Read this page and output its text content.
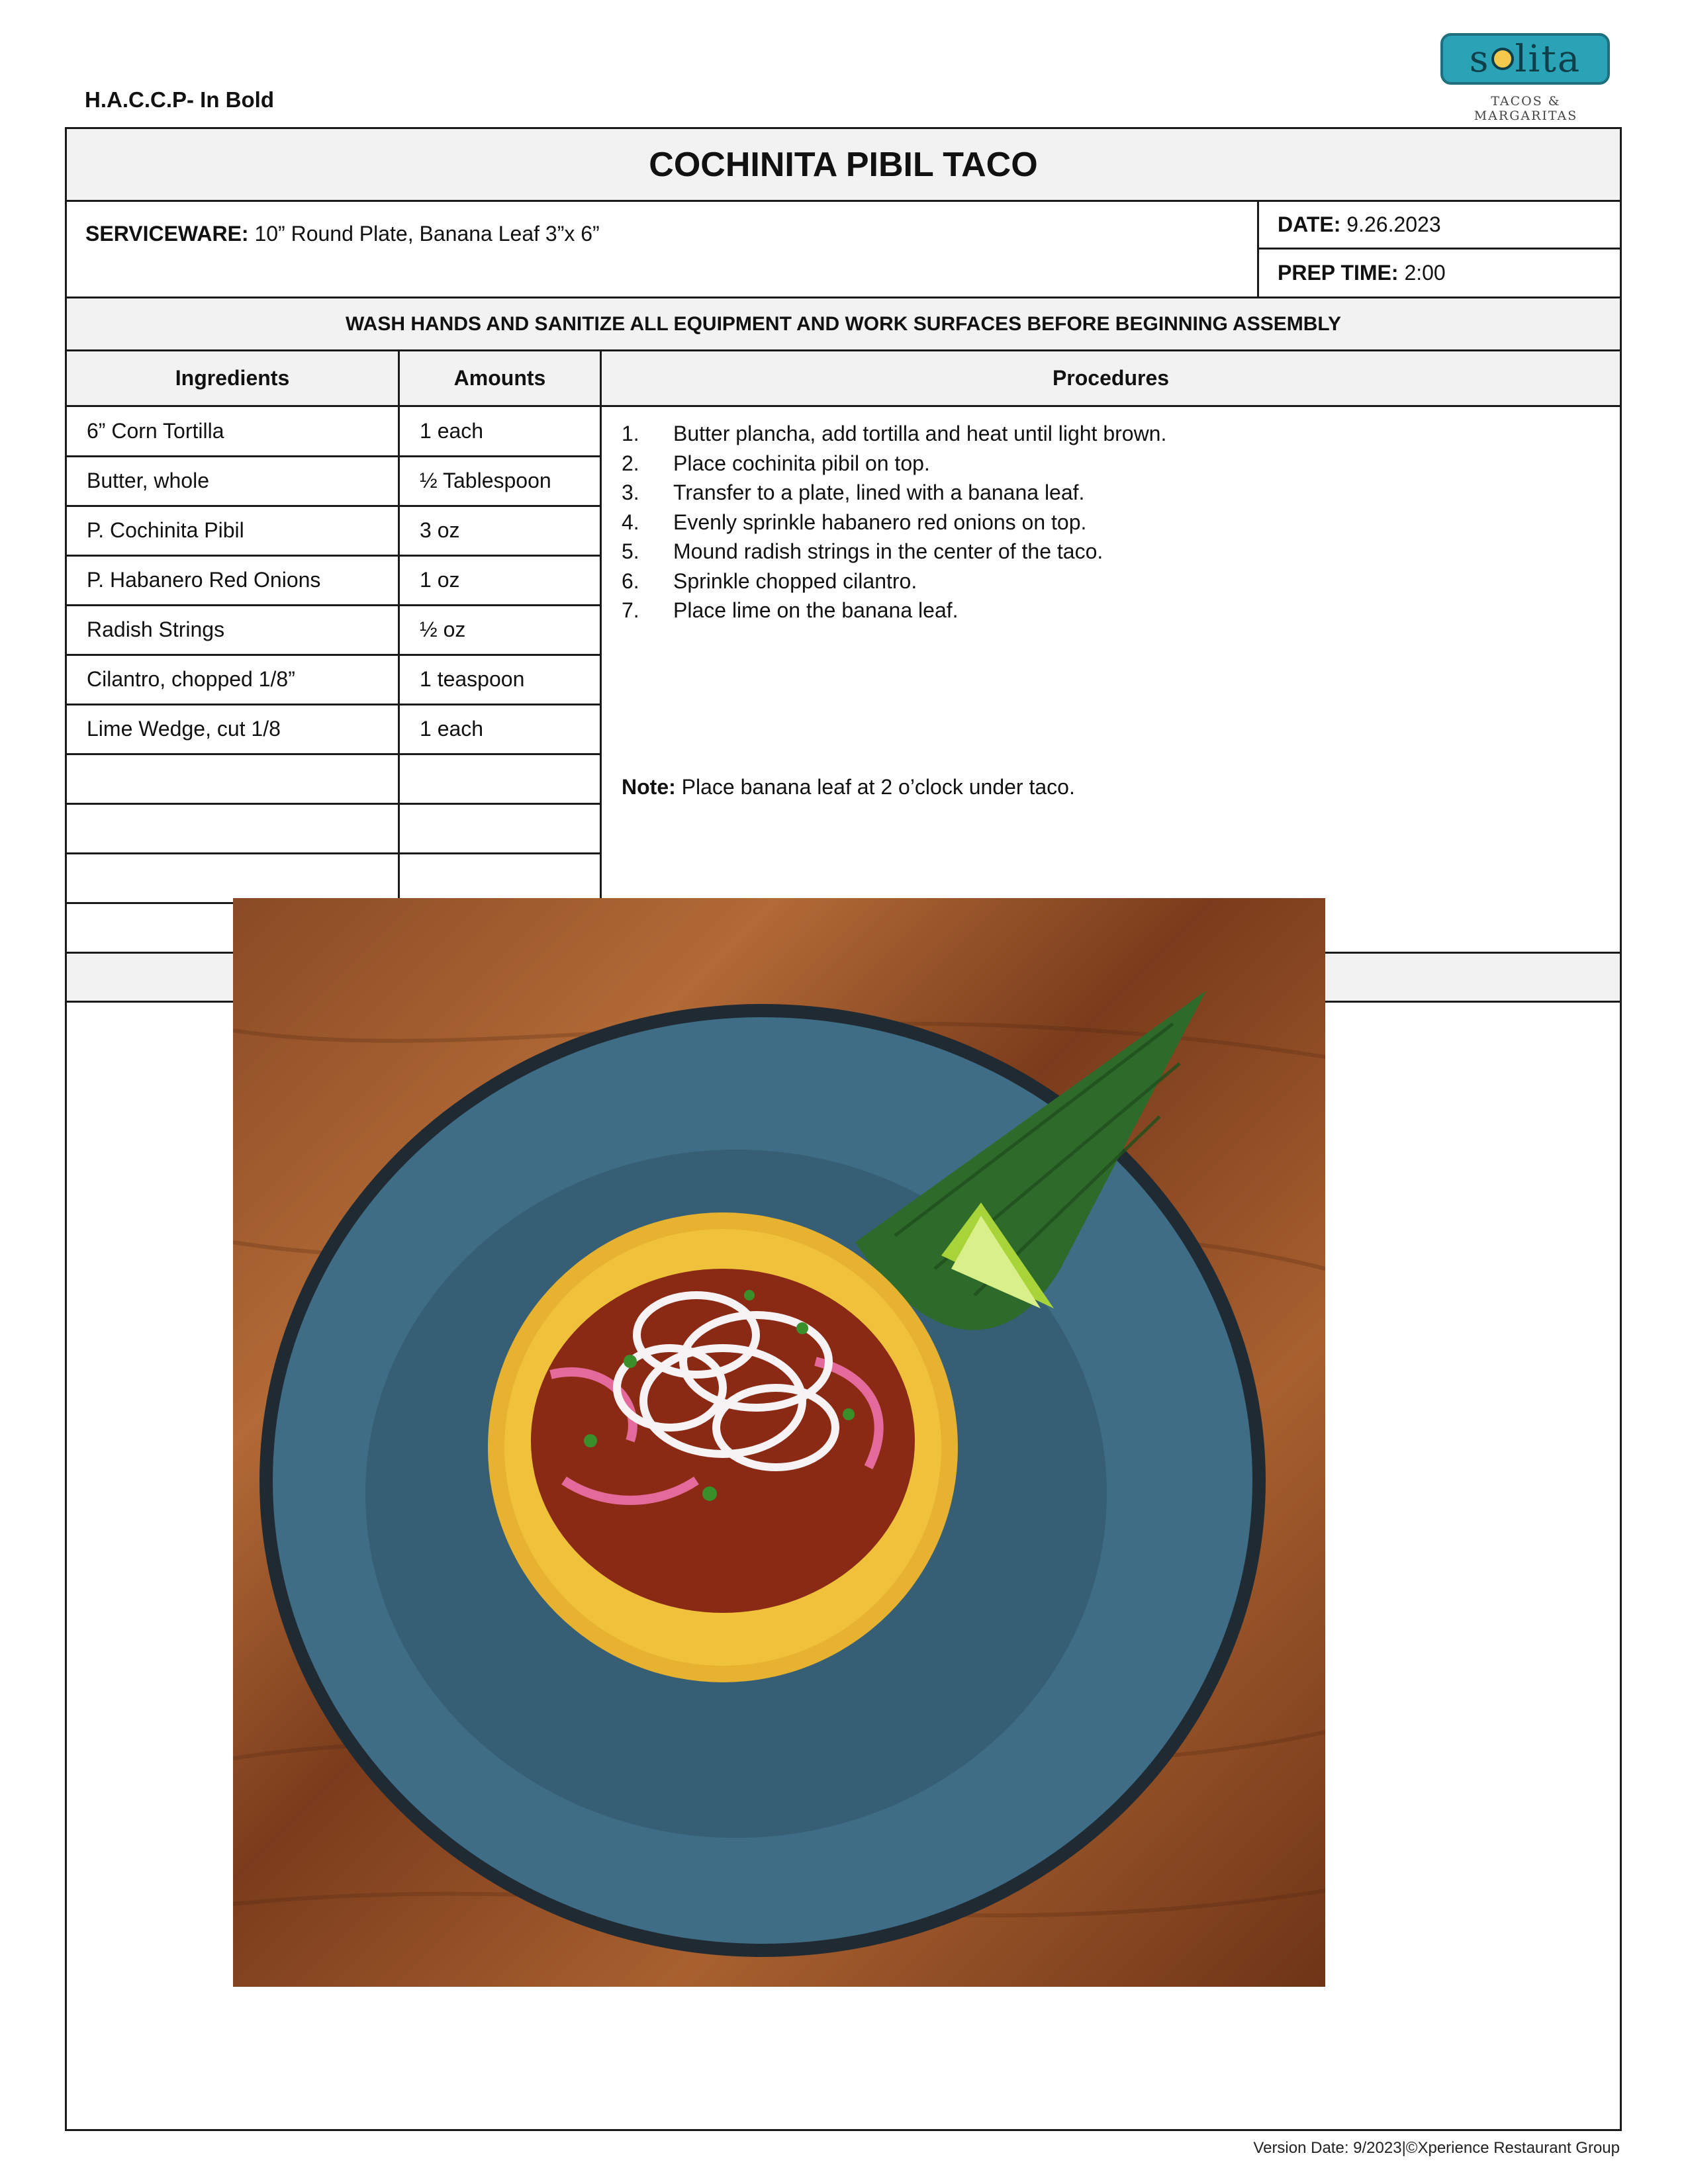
H.A.C.C.P- In Bold
s lita
TACOS & MARGARITAS
COCHINITA PIBIL TACO
SERVICEWARE: 10” Round Plate, Banana Leaf 3”x 6”	DATE: 9.26.2023
PREP TIME: 2:00
WASH HANDS AND SANITIZE ALL EQUIPMENT AND WORK SURFACES BEFORE BEGINNING ASSEMBLY
Ingredients	Amounts	Procedures
6” Corn Tortilla	1 each
Butter, whole	½ Tablespoon
P. Cochinita Pibil	3 oz
P. Habanero Red Onions	1 oz
Radish Strings	½ oz
Cilantro, chopped 1/8”	1 teaspoon
Lime Wedge, cut 1/8	1 each
1.	Butter plancha, add tortilla and heat until light brown.
2.	Place cochinita pibil on top.
3.	Transfer to a plate, lined with a banana leaf.
4.	Evenly sprinkle habanero red onions on top.
5.	Mound radish strings in the center of the taco.
6.	Sprinkle chopped cilantro.
7.	Place lime on the banana leaf.
Note: Place banana leaf at 2 o’clock under taco.
Version Date: 9/2023|©Xperience Restaurant Group
